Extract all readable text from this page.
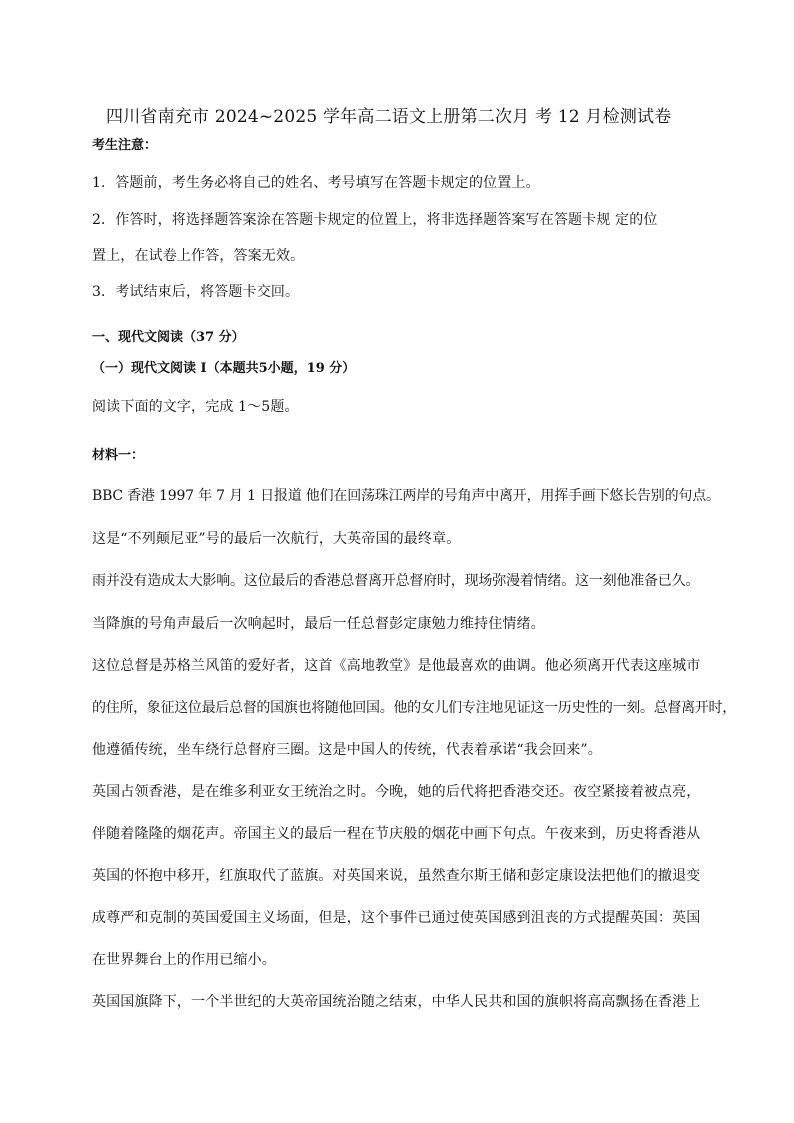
四川省南充市 2024~2025 学年高二语文上册第二次月 考 12 月检测试卷
考生注意：
1．答题前，考生务必将自己的姓名、考号填写在答题卡规定的位置上。
2．作答时，将选择题答案涂在答题卡规定的位置上，将非选择题答案写在答题卡规 定的位
置上，在试卷上作答，答案无效。
3．考试结束后，将答题卡交回。
一、现代文阅读（37 分）
（一）现代文阅读 Ⅰ（本题共5小题，19 分）
阅读下面的文字，完成 1～5题。
材料一：
BBC 香港 1997 年 7 月 1 日报道 他们在回荡珠江两岸的号角声中离开，用挥手画下悠长告别的句点。
这是“不列颠尼亚”号的最后一次航行，大英帝国的最终章。
雨并没有造成太大影响。这位最后的香港总督离开总督府时，现场弥漫着情绪。这一刻他准备已久。
当降旗的号角声最后一次响起时，最后一任总督彭定康勉力维持住情绪。
这位总督是苏格兰风笛的爱好者，这首《高地教堂》是他最喜欢的曲调。他必须离开代表这座城市
的住所，象征这位最后总督的国旗也将随他回国。他的女儿们专注地见证这一历史性的一刻。总督离开时，
他遵循传统，坐车绕行总督府三圈。这是中国人的传统，代表着承诺“我会回来”。
英国占领香港，是在维多利亚女王统治之时。今晚，她的后代将把香港交还。夜空紧接着被点亮，
伴随着隆隆的烟花声。帝国主义的最后一程在节庆般的烟花中画下句点。午夜来到，历史将香港从
英国的怀抱中移开，红旗取代了蓝旗。对英国来说，虽然查尔斯王储和彭定康设法把他们的撤退变
成尊严和克制的英国爱国主义场面，但是，这个事件已通过使英国感到沮丧的方式提醒英国：英国
在世界舞台上的作用已缩小。
英国国旗降下，一个半世纪的大英帝国统治随之结束，中华人民共和国的旗帜将高高飘扬在香港上
